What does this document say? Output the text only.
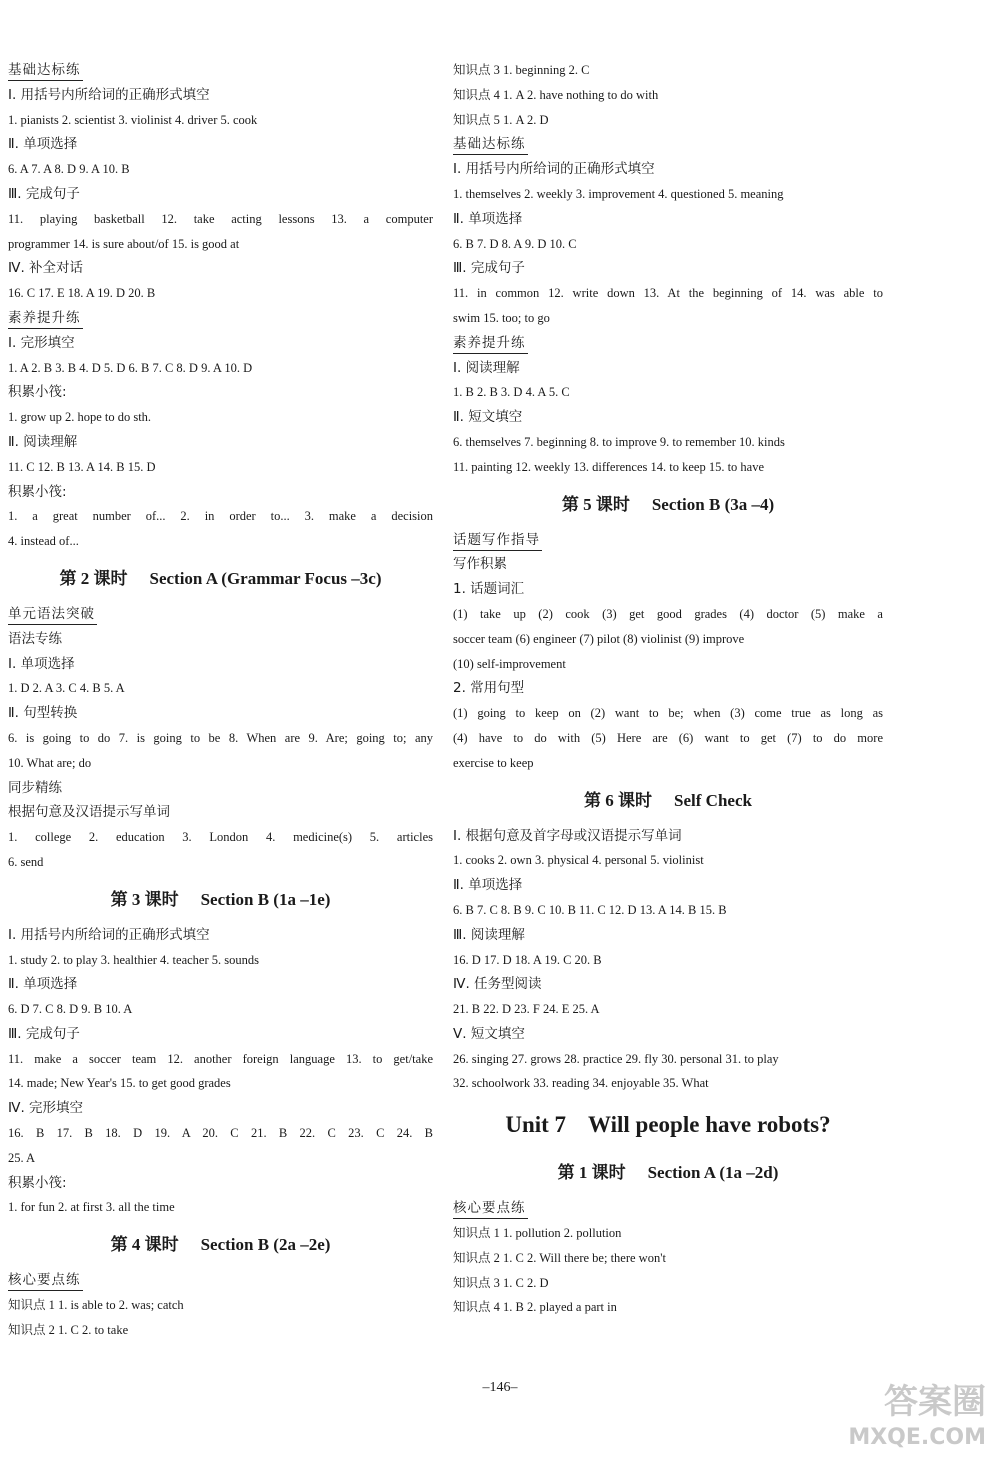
基础达标练
Ⅰ. 用括号内所给词的正确形式填空
1. pianists 2. scientist 3. violinist 4. driver 5. cook
Ⅱ. 单项选择
6. A 7. A 8. D 9. A 10. B
Ⅲ. 完成句子
11. playing basketball 12. take acting lessons 13. a computer
programmer 14. is sure about/of 15. is good at
Ⅳ. 补全对话
16. C 17. E 18. A 19. D 20. B
素养提升练
Ⅰ. 完形填空
1. A 2. B 3. B 4. D 5. D 6. B 7. C 8. D 9. A 10. D
积累小筏:
1. grow up 2. hope to do sth.
Ⅱ. 阅读理解
11. C 12. B 13. A 14. B 15. D
积累小筏:
1. a great number of... 2. in order to... 3. make a decision
4. instead of...
第 2 课时 Section A (Grammar Focus –3c)
单元语法突破
语法专练
Ⅰ. 单项选择
1. D 2. A 3. C 4. B 5. A
Ⅱ. 句型转换
6. is going to do 7. is going to be 8. When are 9. Are; going to; any
10. What are; do
同步精练
根据句意及汉语提示写单词
1. college 2. education 3. London 4. medicine(s) 5. articles
6. send
第 3 课时 Section B (1a –1e)
Ⅰ. 用括号内所给词的正确形式填空
1. study 2. to play 3. healthier 4. teacher 5. sounds
Ⅱ. 单项选择
6. D 7. C 8. D 9. B 10. A
Ⅲ. 完成句子
11. make a soccer team 12. another foreign language 13. to get/take
14. made; New Year's 15. to get good grades
Ⅳ. 完形填空
16. B 17. B 18. D 19. A 20. C 21. B 22. C 23. C 24. B
25. A
积累小筏:
1. for fun 2. at first 3. all the time
第 4 课时 Section B (2a –2e)
核心要点练
知识点 1 1. is able to 2. was; catch
知识点 2 1. C 2. to take
知识点 3 1. beginning 2. C
知识点 4 1. A 2. have nothing to do with
知识点 5 1. A 2. D
基础达标练
Ⅰ. 用括号内所给词的正确形式填空
1. themselves 2. weekly 3. improvement 4. questioned 5. meaning
Ⅱ. 单项选择
6. B 7. D 8. A 9. D 10. C
Ⅲ. 完成句子
11. in common 12. write down 13. At the beginning of 14. was able to
swim 15. too; to go
素养提升练
Ⅰ. 阅读理解
1. B 2. B 3. D 4. A 5. C
Ⅱ. 短文填空
6. themselves 7. beginning 8. to improve 9. to remember 10. kinds
11. painting 12. weekly 13. differences 14. to keep 15. to have
第 5 课时 Section B (3a –4)
话题写作指导
写作积累
1. 话题词汇
(1) take up (2) cook (3) get good grades (4) doctor (5) make a
soccer team (6) engineer (7) pilot (8) violinist (9) improve
(10) self-improvement
2. 常用句型
(1) going to keep on (2) want to be; when (3) come true as long as
(4) have to do with (5) Here are (6) want to get (7) to do more
exercise to keep
第 6 课时 Self Check
Ⅰ. 根据句意及首字母或汉语提示写单词
1. cooks 2. own 3. physical 4. personal 5. violinist
Ⅱ. 单项选择
6. B 7. C 8. B 9. C 10. B 11. C 12. D 13. A 14. B 15. B
Ⅲ. 阅读理解
16. D 17. D 18. A 19. C 20. B
Ⅳ. 任务型阅读
21. B 22. D 23. F 24. E 25. A
Ⅴ. 短文填空
26. singing 27. grows 28. practice 29. fly 30. personal 31. to play
32. schoolwork 33. reading 34. enjoyable 35. What
Unit 7 Will people have robots?
第 1 课时 Section A (1a –2d)
核心要点练
知识点 1 1. pollution 2. pollution
知识点 2 1. C 2. Will there be; there won't
知识点 3 1. C 2. D
知识点 4 1. B 2. played a part in
–146–	答案圈
MXQE.COM
